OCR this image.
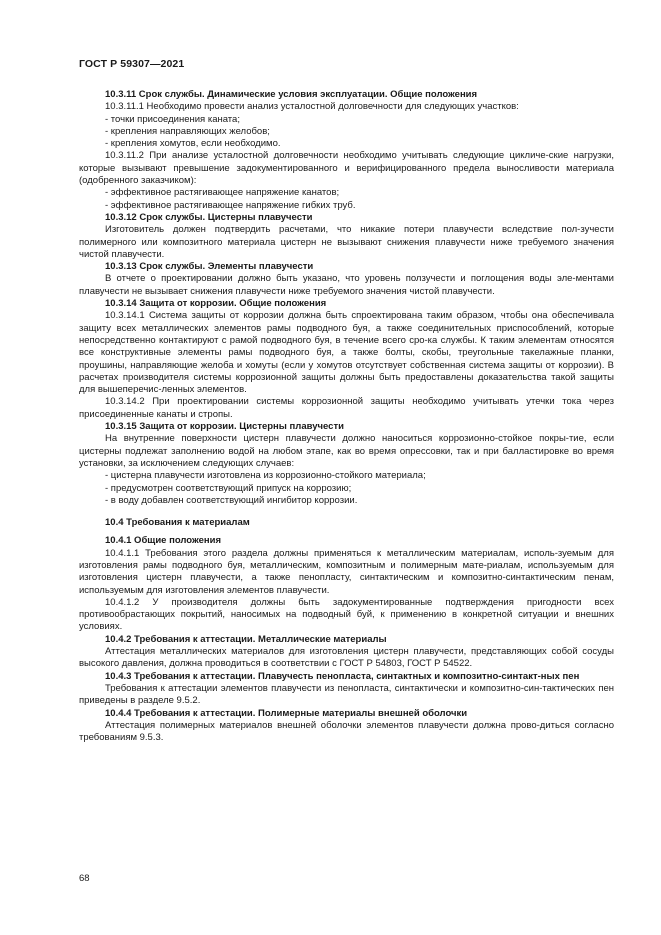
ГОСТ Р 59307—2021

10.3.11 Срок службы. Динамические условия эксплуатации. Общие положения

10.3.11.1 Необходимо провести анализ усталостной долговечности для следующих участков:

- точки присоединения каната;

- крепления направляющих желобов;

- крепления хомутов, если необходимо.

10.3.11.2 При анализе усталостной долговечности необходимо учитывать следующие цикличе-ские нагрузки, которые вызывают превышение задокументированного и верифицированного предела выносливости материала (одобренного заказчиком):

- эффективное растягивающее напряжение канатов;

- эффективное растягивающее напряжение гибких труб.

10.3.12 Срок службы. Цистерны плавучести

Изготовитель должен подтвердить расчетами, что никакие потери плавучести вследствие пол-зучести полимерного или композитного материала цистерн не вызывают снижения плавучести ниже требуемого значения чистой плавучести.

10.3.13 Срок службы. Элементы плавучести

В отчете о проектировании должно быть указано, что уровень ползучести и поглощения воды эле-ментами плавучести не вызывает снижения плавучести ниже требуемого значения чистой плавучести.

10.3.14 Защита от коррозии. Общие положения

10.3.14.1 Система защиты от коррозии должна быть спроектирована таким образом, чтобы она обеспечивала защиту всех металлических элементов рамы подводного буя, а также соединительных приспособлений, которые непосредственно контактируют с рамой подводного буя, в течение всего сро-ка службы. К таким элементам относятся все конструктивные элементы рамы подводного буя, а также болты, скобы, треугольные такелажные планки, проушины, направляющие желоба и хомуты (если у хомутов отсутствует собственная система защиты от коррозии). В расчетах производителя системы коррозионной защиты должны быть предоставлены доказательства такой защиты для вышеперечис-ленных элементов.

10.3.14.2 При проектировании системы коррозионной защиты необходимо учитывать утечки тока через присоединенные канаты и стропы.

10.3.15 Защита от коррозии. Цистерны плавучести

На внутренние поверхности цистерн плавучести должно наноситься коррозионно-стойкое покры-тие, если цистерны подлежат заполнению водой на любом этапе, как во время опрессовки, так и при балластировке во время установки, за исключением следующих случаев:

- цистерна плавучести изготовлена из коррозионно-стойкого материала;

- предусмотрен соответствующий припуск на коррозию;

- в воду добавлен соответствующий ингибитор коррозии.

10.4 Требования к материалам

10.4.1 Общие положения

10.4.1.1 Требования этого раздела должны применяться к металлическим материалам, исполь-зуемым для изготовления рамы подводного буя, металлическим, композитным и полимерным мате-риалам, используемым для изготовления цистерн плавучести, а также пенопласту, синтактическим и композитно-синтактическим пенам, используемым для изготовления элементов плавучести.

10.4.1.2 У производителя должны быть задокументированные подтверждения пригодности всех противообрастающих покрытий, наносимых на подводный буй, к применению в конкретной ситуации и внешних условиях.

10.4.2 Требования к аттестации. Металлические материалы

Аттестация металлических материалов для изготовления цистерн плавучести, представляющих собой сосуды высокого давления, должна проводиться в соответствии с ГОСТ Р 54803, ГОСТ Р 54522.

10.4.3 Требования к аттестации. Плавучесть пенопласта, синтактных и композитно-синтакт-ных пен

Требования к аттестации элементов плавучести из пенопласта, синтактически и композитно-син-тактических пен приведены в разделе 9.5.2.

10.4.4 Требования к аттестации. Полимерные материалы внешней оболочки

Аттестация полимерных материалов внешней оболочки элементов плавучести должна прово-диться согласно требованиям 9.5.3.

68
